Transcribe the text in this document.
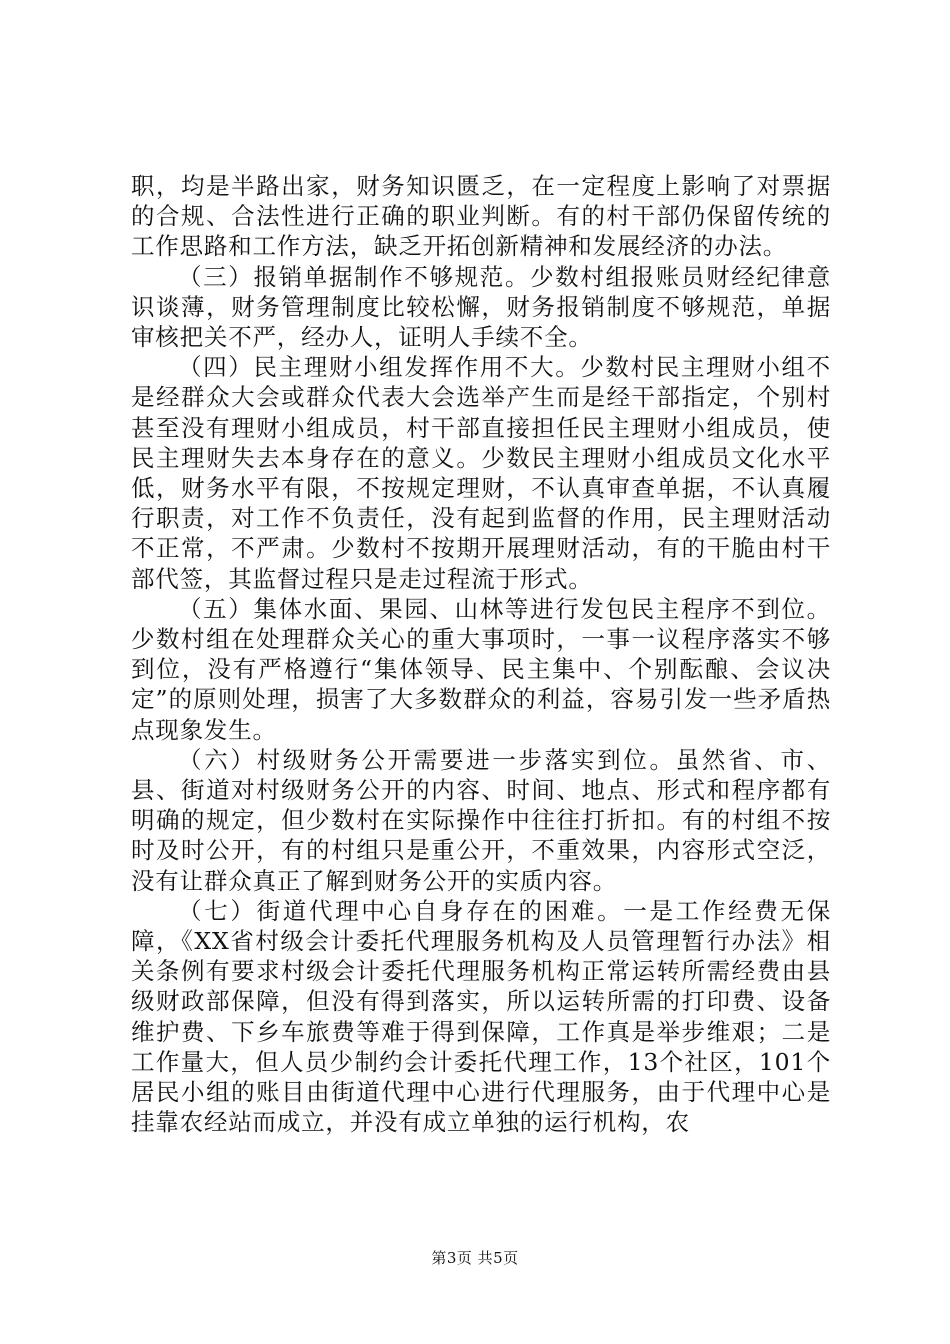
职，均是半路出家，财务知识匮乏，在一定程度上影响了对票据的合规、合法性进行正确的职业判断。有的村干部仍保留传统的工作思路和工作方法，缺乏开拓创新精神和发展经济的办法。

（三）报销单据制作不够规范。少数村组报账员财经纪律意识谈薄，财务管理制度比较松懈，财务报销制度不够规范，单据审核把关不严，经办人，证明人手续不全。

（四）民主理财小组发挥作用不大。少数村民主理财小组不是经群众大会或群众代表大会选举产生而是经干部指定，个别村甚至没有理财小组成员，村干部直接担任民主理财小组成员，使民主理财失去本身存在的意义。少数民主理财小组成员文化水平低，财务水平有限，不按规定理财，不认真审查单据，不认真履行职责，对工作不负责任，没有起到监督的作用，民主理财活动不正常，不严肃。少数村不按期开展理财活动，有的干脆由村干部代签，其监督过程只是走过程流于形式。

（五）集体水面、果园、山林等进行发包民主程序不到位。少数村组在处理群众关心的重大事项时，一事一议程序落实不够到位，没有严格遵行“集体领导、民主集中、个别酝酿、会议决定”的原则处理，损害了大多数群众的利益，容易引发一些矛盾热点现象发生。

（六）村级财务公开需要进一步落实到位。虽然省、市、县、街道对村级财务公开的内容、时间、地点、形式和程序都有明确的规定，但少数村在实际操作中往往打折扣。有的村组不按时及时公开，有的村组只是重公开，不重效果，内容形式空泛，没有让群众真正了解到财务公开的实质内容。

（七）街道代理中心自身存在的困难。一是工作经费无保障，《XX省村级会计委托代理服务机构及人员管理暂行办法》相关条例有要求村级会计委托代理服务机构正常运转所需经费由县级财政部保障，但没有得到落实，所以运转所需的打印费、设备维护费、下乡车旅费等难于得到保障，工作真是举步维艰；二是工作量大，但人员少制约会计委托代理工作，13个社区，101个居民小组的账目由街道代理中心进行代理服务，由于代理中心是挂靠农经站而成立，并没有成立单独的运行机构，农

第3页 共5页
